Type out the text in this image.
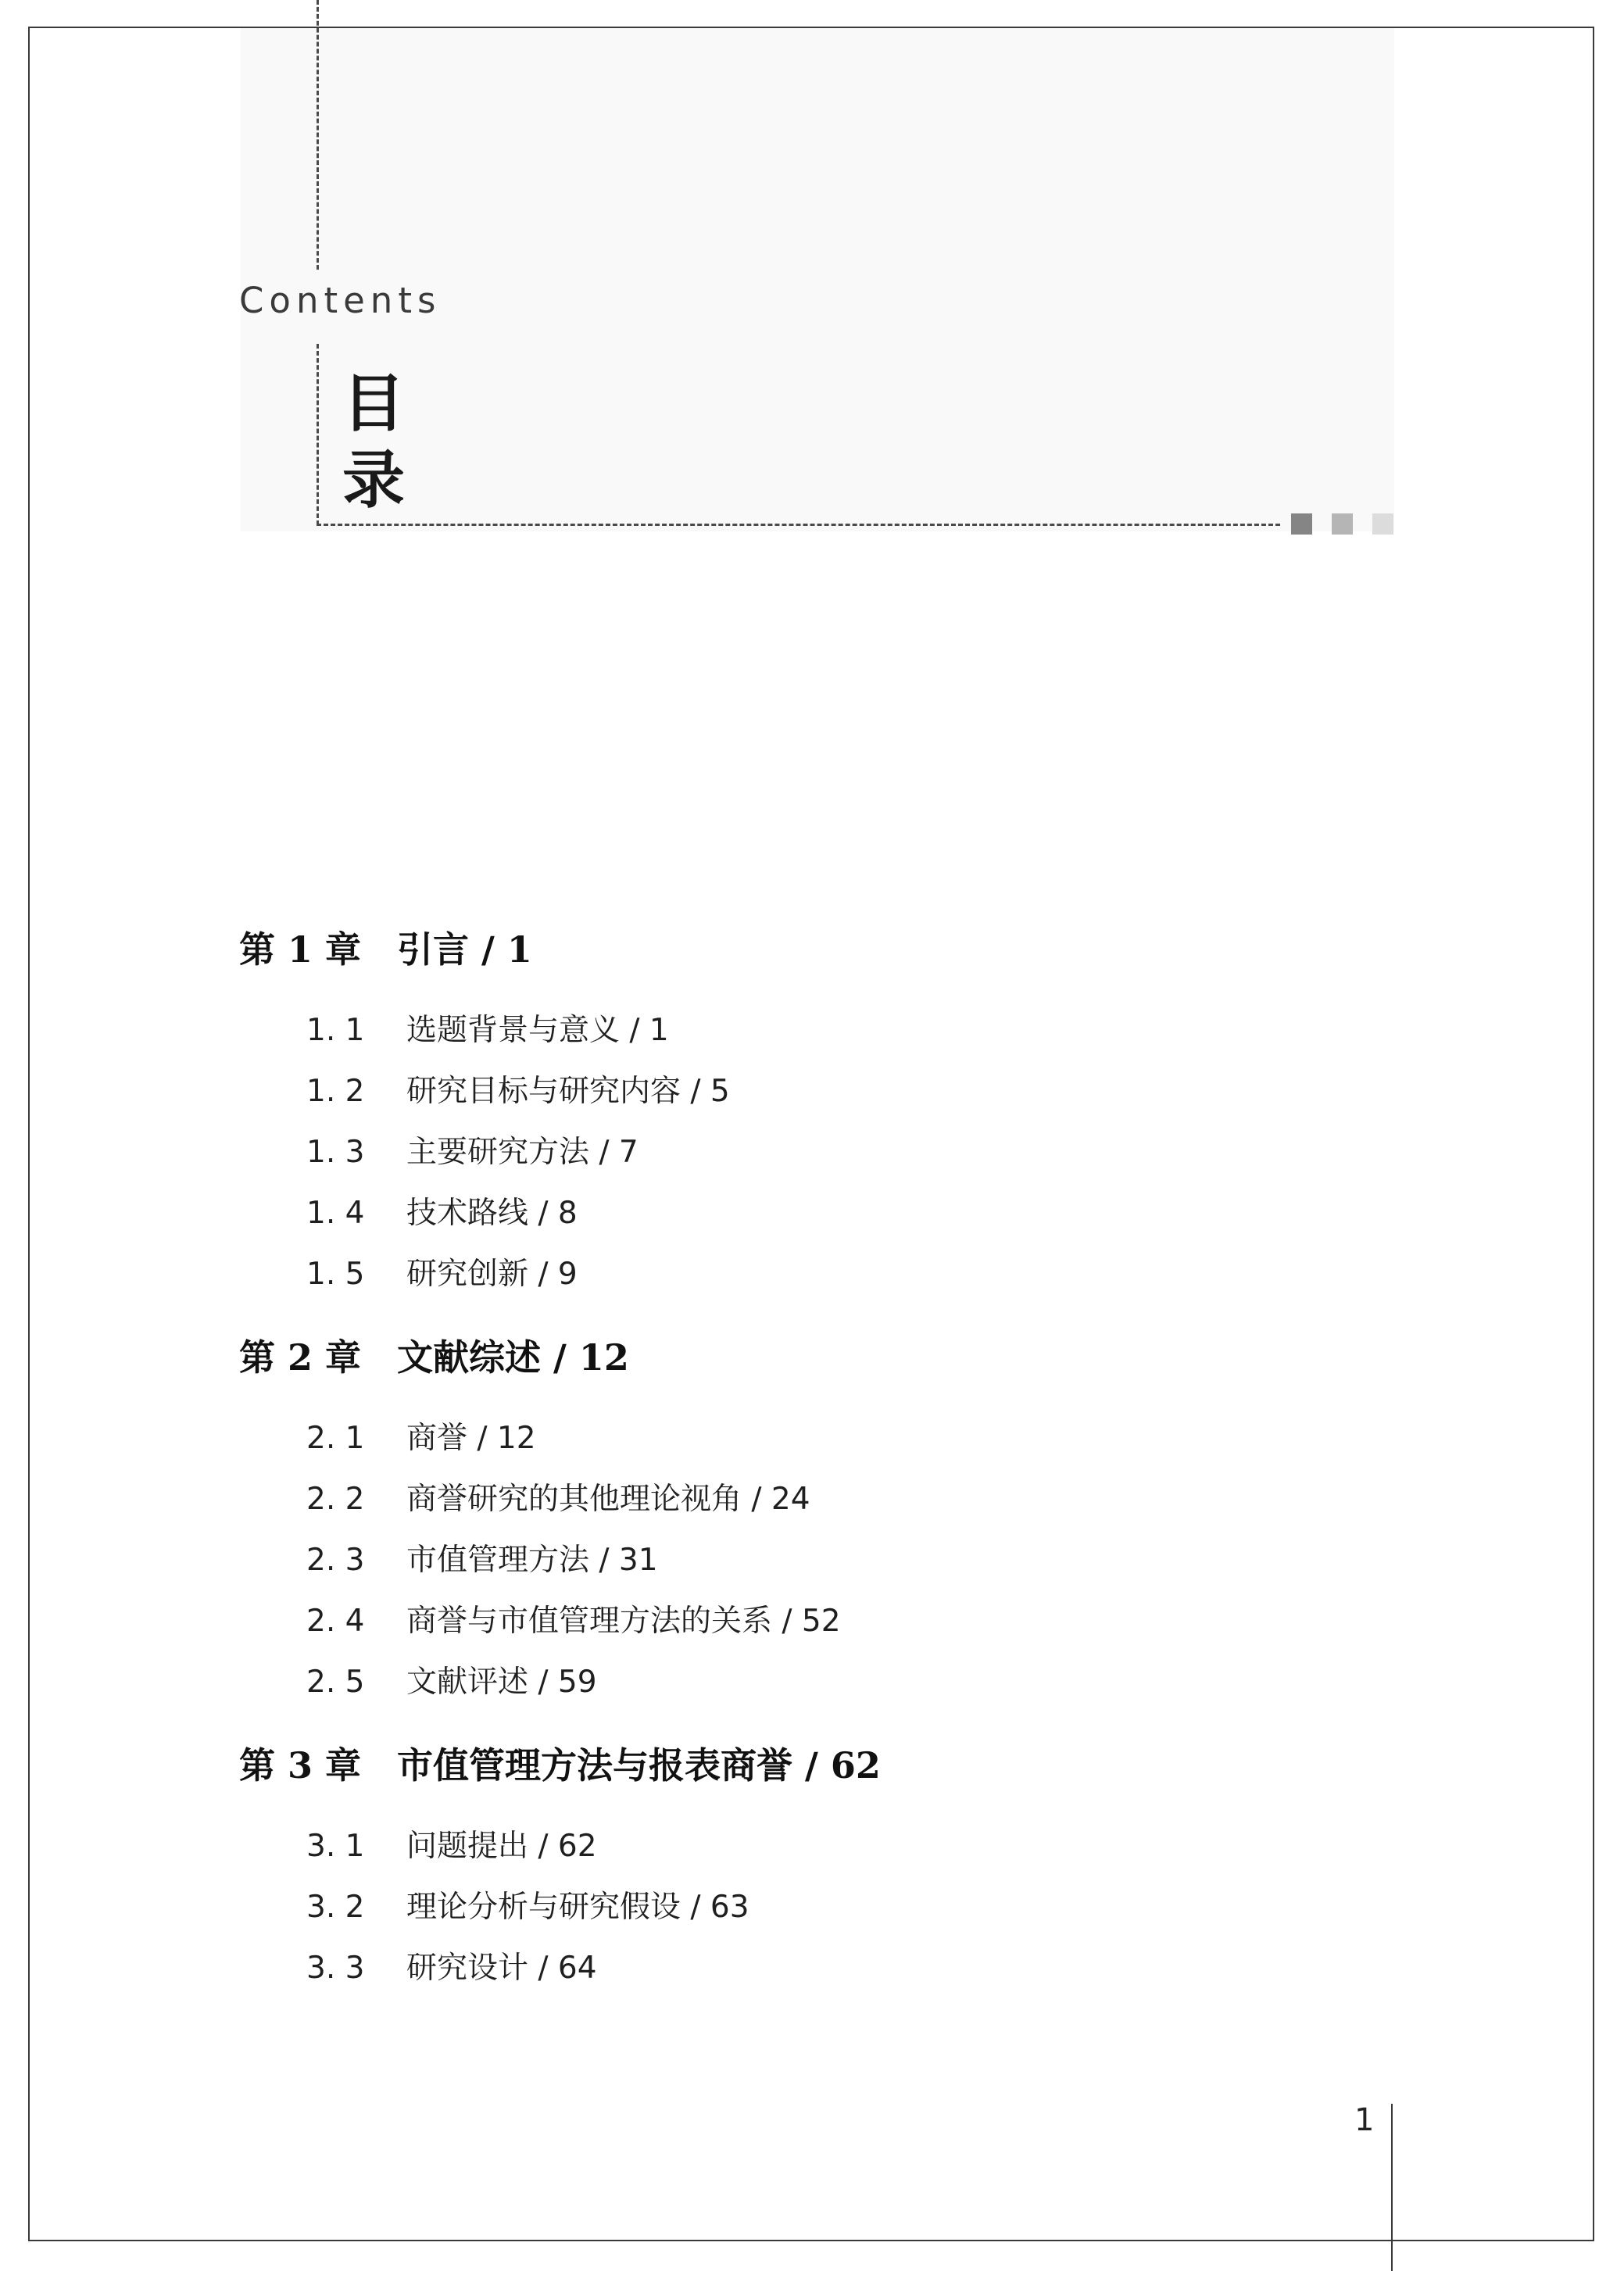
Contents
目
录
第 1 章 引言 / 1
1. 1 选题背景与意义 / 1
1. 2 研究目标与研究内容 / 5
1. 3 主要研究方法 / 7
1. 4 技术路线 / 8
1. 5 研究创新 / 9
第 2 章 文献综述 / 12
2. 1 商誉 / 12
2. 2 商誉研究的其他理论视角 / 24
2. 3 市值管理方法 / 31
2. 4 商誉与市值管理方法的关系 / 52
2. 5 文献评述 / 59
第 3 章 市值管理方法与报表商誉 / 62
3. 1 问题提出 / 62
3. 2 理论分析与研究假设 / 63
3. 3 研究设计 / 64
1
